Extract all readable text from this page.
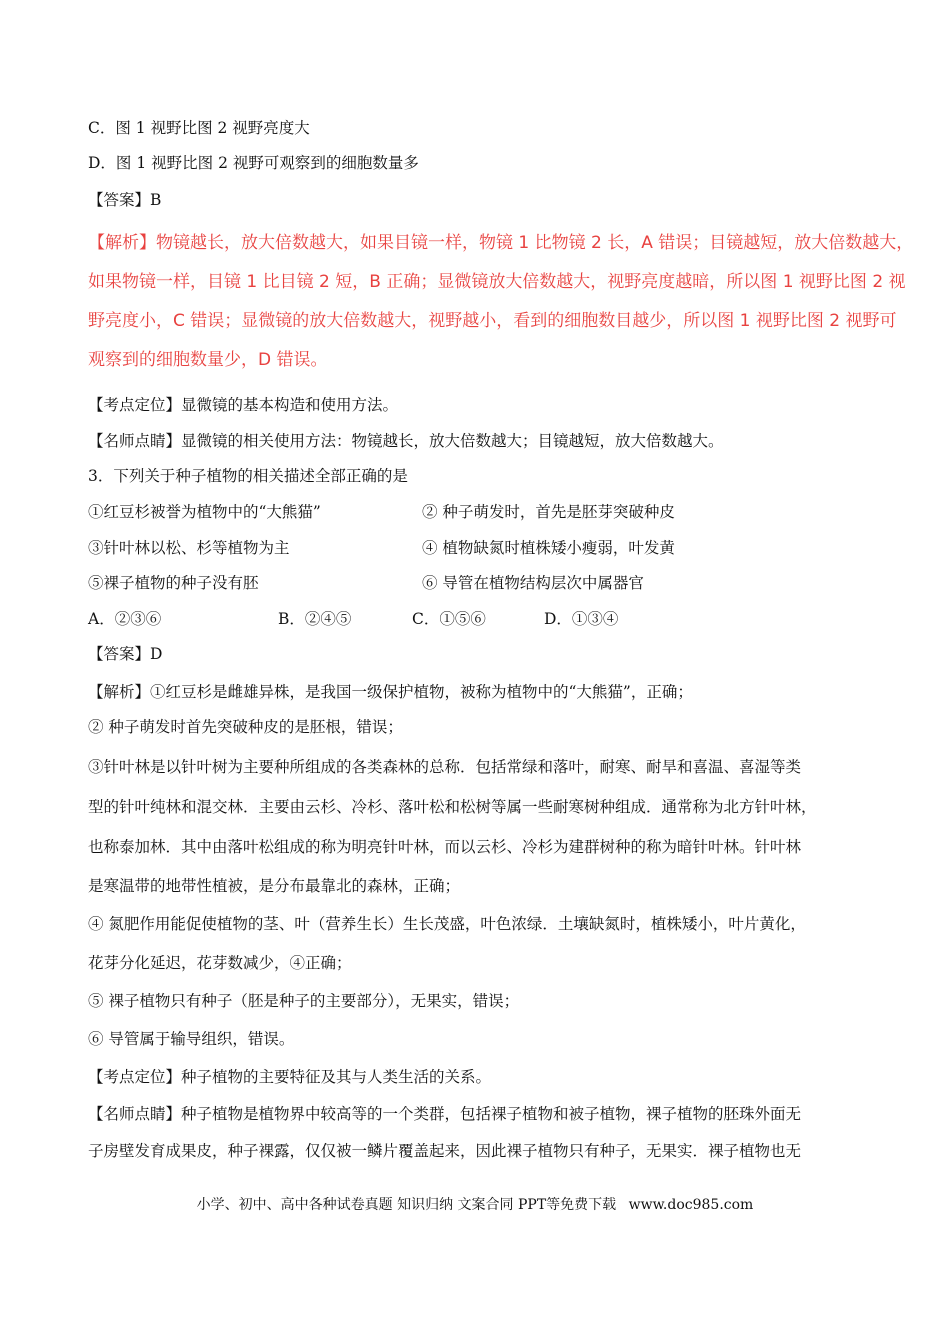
C．图 1 视野比图 2 视野亮度大
D．图 1 视野比图 2 视野可观察到的细胞数量多
【答案】B
【解析】物镜越长，放大倍数越大，如果目镜一样，物镜 1 比物镜 2 长，A 错误；目镜越短，放大倍数越大，
如果物镜一样，目镜 1 比目镜 2 短，B 正确；显微镜放大倍数越大，视野亮度越暗，所以图 1 视野比图 2 视
野亮度小，C 错误；显微镜的放大倍数越大，视野越小，看到的细胞数目越少，所以图 1 视野比图 2 视野可
观察到的细胞数量少，D 错误。
【考点定位】显微镜的基本构造和使用方法。
【名师点睛】显微镜的相关使用方法：物镜越长，放大倍数越大；目镜越短，放大倍数越大。
3．下列关于种子植物的相关描述全部正确的是
①红豆杉被誉为植物中的“大熊猫”	② 种子萌发时，首先是胚芽突破种皮
③针叶林以松、杉等植物为主	④ 植物缺氮时植株矮小瘦弱，叶发黄
⑤裸子植物的种子没有胚	⑥ 导管在植物结构层次中属器官
A．②③⑥	B．②④⑤	C．①⑤⑥	D．①③④
【答案】D
【解析】①红豆杉是雌雄异株，是我国一级保护植物，被称为植物中的“大熊猫”，正确；
② 种子萌发时首先突破种皮的是胚根，错误；
③针叶林是以针叶树为主要种所组成的各类森林的总称．包括常绿和落叶，耐寒、耐旱和喜温、喜湿等类
型的针叶纯林和混交林．主要由云杉、冷杉、落叶松和松树等属一些耐寒树种组成．通常称为北方针叶林，
也称泰加林．其中由落叶松组成的称为明亮针叶林，而以云杉、冷杉为建群树种的称为暗针叶林。针叶林
是寒温带的地带性植被，是分布最靠北的森林，正确；
④ 氮肥作用能促使植物的茎、叶（营养生长）生长茂盛，叶色浓绿．土壤缺氮时，植株矮小，叶片黄化，
花芽分化延迟，花芽数减少，④正确；
⑤ 裸子植物只有种子（胚是种子的主要部分），无果实，错误；
⑥ 导管属于输导组织，错误。
【考点定位】种子植物的主要特征及其与人类生活的关系。
【名师点睛】种子植物是植物界中较高等的一个类群，包括裸子植物和被子植物，裸子植物的胚珠外面无
子房壁发育成果皮，种子裸露，仅仅被一鳞片覆盖起来，因此裸子植物只有种子，无果实．裸子植物也无
小学、初中、高中各种试卷真题 知识归纳 文案合同 PPT等免费下载 www.doc985.com
